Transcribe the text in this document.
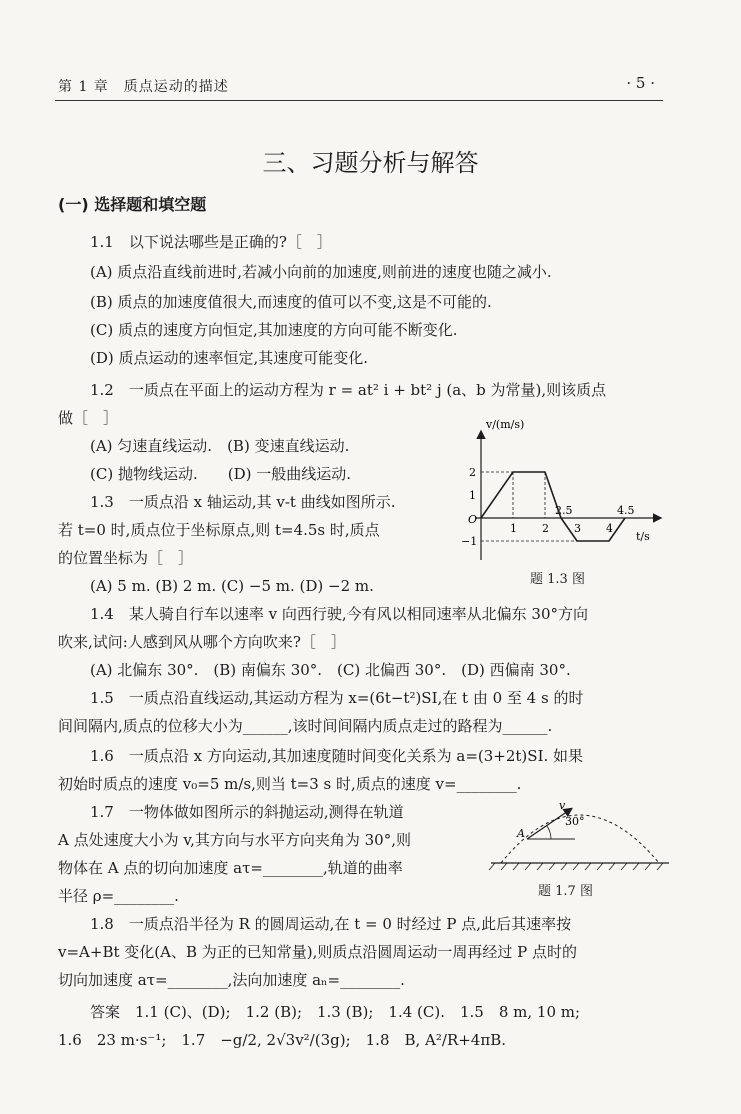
第 1 章　质点运动的描述	· 5 ·
三、习题分析与解答
(一) 选择题和填空题
1.1　以下说法哪些是正确的?［　］
(A) 质点沿直线前进时,若减小向前的加速度,则前进的速度也随之减小.
(B) 质点的加速度值很大,而速度的值可以不变,这是不可能的.
(C) 质点的速度方向恒定,其加速度的方向可能不断变化.
(D) 质点运动的速率恒定,其速度可能变化.
1.2　一质点在平面上的运动方程为 r = at² i + bt² j (a、b 为常量),则该质点
做［　］
(A) 匀速直线运动.　(B) 变速直线运动.
(C) 抛物线运动.　　(D) 一般曲线运动.
1.3　一质点沿 x 轴运动,其 v-t 曲线如图所示.
若 t=0 时,质点位于坐标原点,则 t=4.5s 时,质点
的位置坐标为［　］
(A) 5 m. (B) 2 m. (C) −5 m. (D) −2 m.
1.4　某人骑自行车以速率 v 向西行驶,今有风以相同速率从北偏东 30°方向
吹来,试问:人感到风从哪个方向吹来?［　］
(A) 北偏东 30°.　(B) 南偏东 30°.　(C) 北偏西 30°.　(D) 西偏南 30°.
1.5　一质点沿直线运动,其运动方程为 x=(6t−t²)SI,在 t 由 0 至 4 s 的时
间间隔内,质点的位移大小为______,该时间间隔内质点走过的路程为______.
1.6　一质点沿 x 方向运动,其加速度随时间变化关系为 a=(3+2t)SI. 如果
初始时质点的速度 v₀=5 m/s,则当 t=3 s 时,质点的速度 v=________.
1.7　一物体做如图所示的斜抛运动,测得在轨道
A 点处速度大小为 v,其方向与水平方向夹角为 30°,则
物体在 A 点的切向加速度 aτ=________,轨道的曲率
半径 ρ=________.
1.8　一质点沿半径为 R 的圆周运动,在 t = 0 时经过 P 点,此后其速率按
v=A+Bt 变化(A、B 为正的已知常量),则质点沿圆周运动一周再经过 P 点时的
切向加速度 aτ=________,法向加速度 aₙ=________.
答案　1.1 (C)、(D);　1.2 (B);　1.3 (B);　1.4 (C).　1.5　8 m, 10 m;
1.6　23 m·s⁻¹;　1.7　−g/2, 2√3v²/(3g);　1.8　B, A²/R+4πB.
2
1
−1
1 2
2.5
3 4
4.5
v/(m/s)
t/s
O
题 1.3 图
v
30°
A
题 1.7 图
